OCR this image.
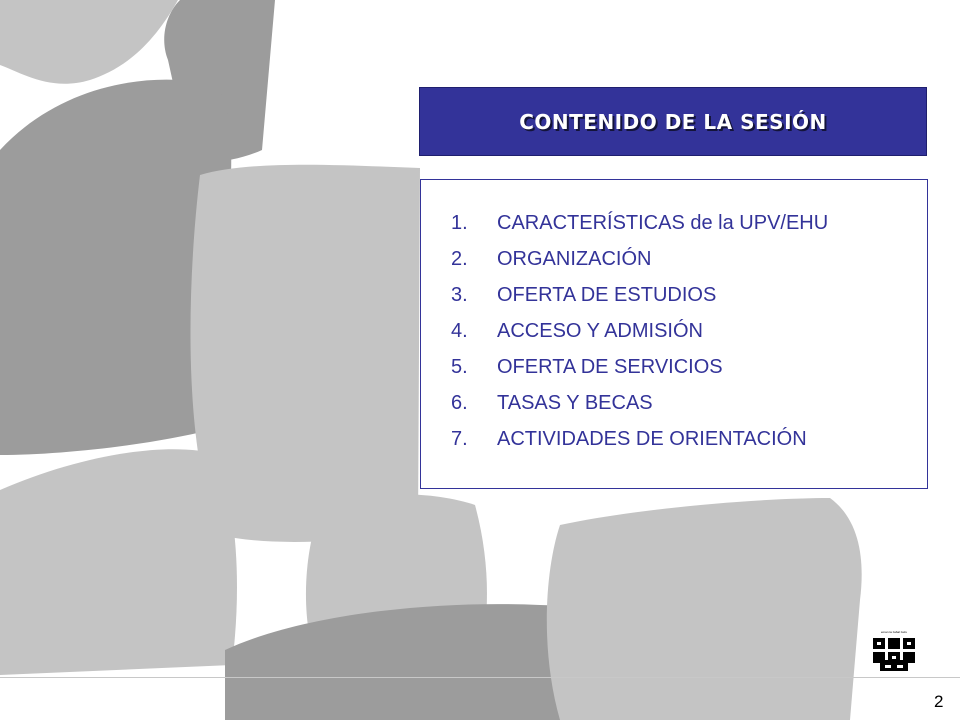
CONTENIDO DE LA SESIÓN
1.	CARACTERÍSTICAS de la UPV/EHU
2.	ORGANIZACIÓN
3.	OFERTA DE ESTUDIOS
4.	ACCESO Y ADMISIÓN
5.	OFERTA DE SERVICIOS
6.	TASAS Y BECAS
7.	ACTIVIDADES DE ORIENTACIÓN
eman ta zabal zazu
2
